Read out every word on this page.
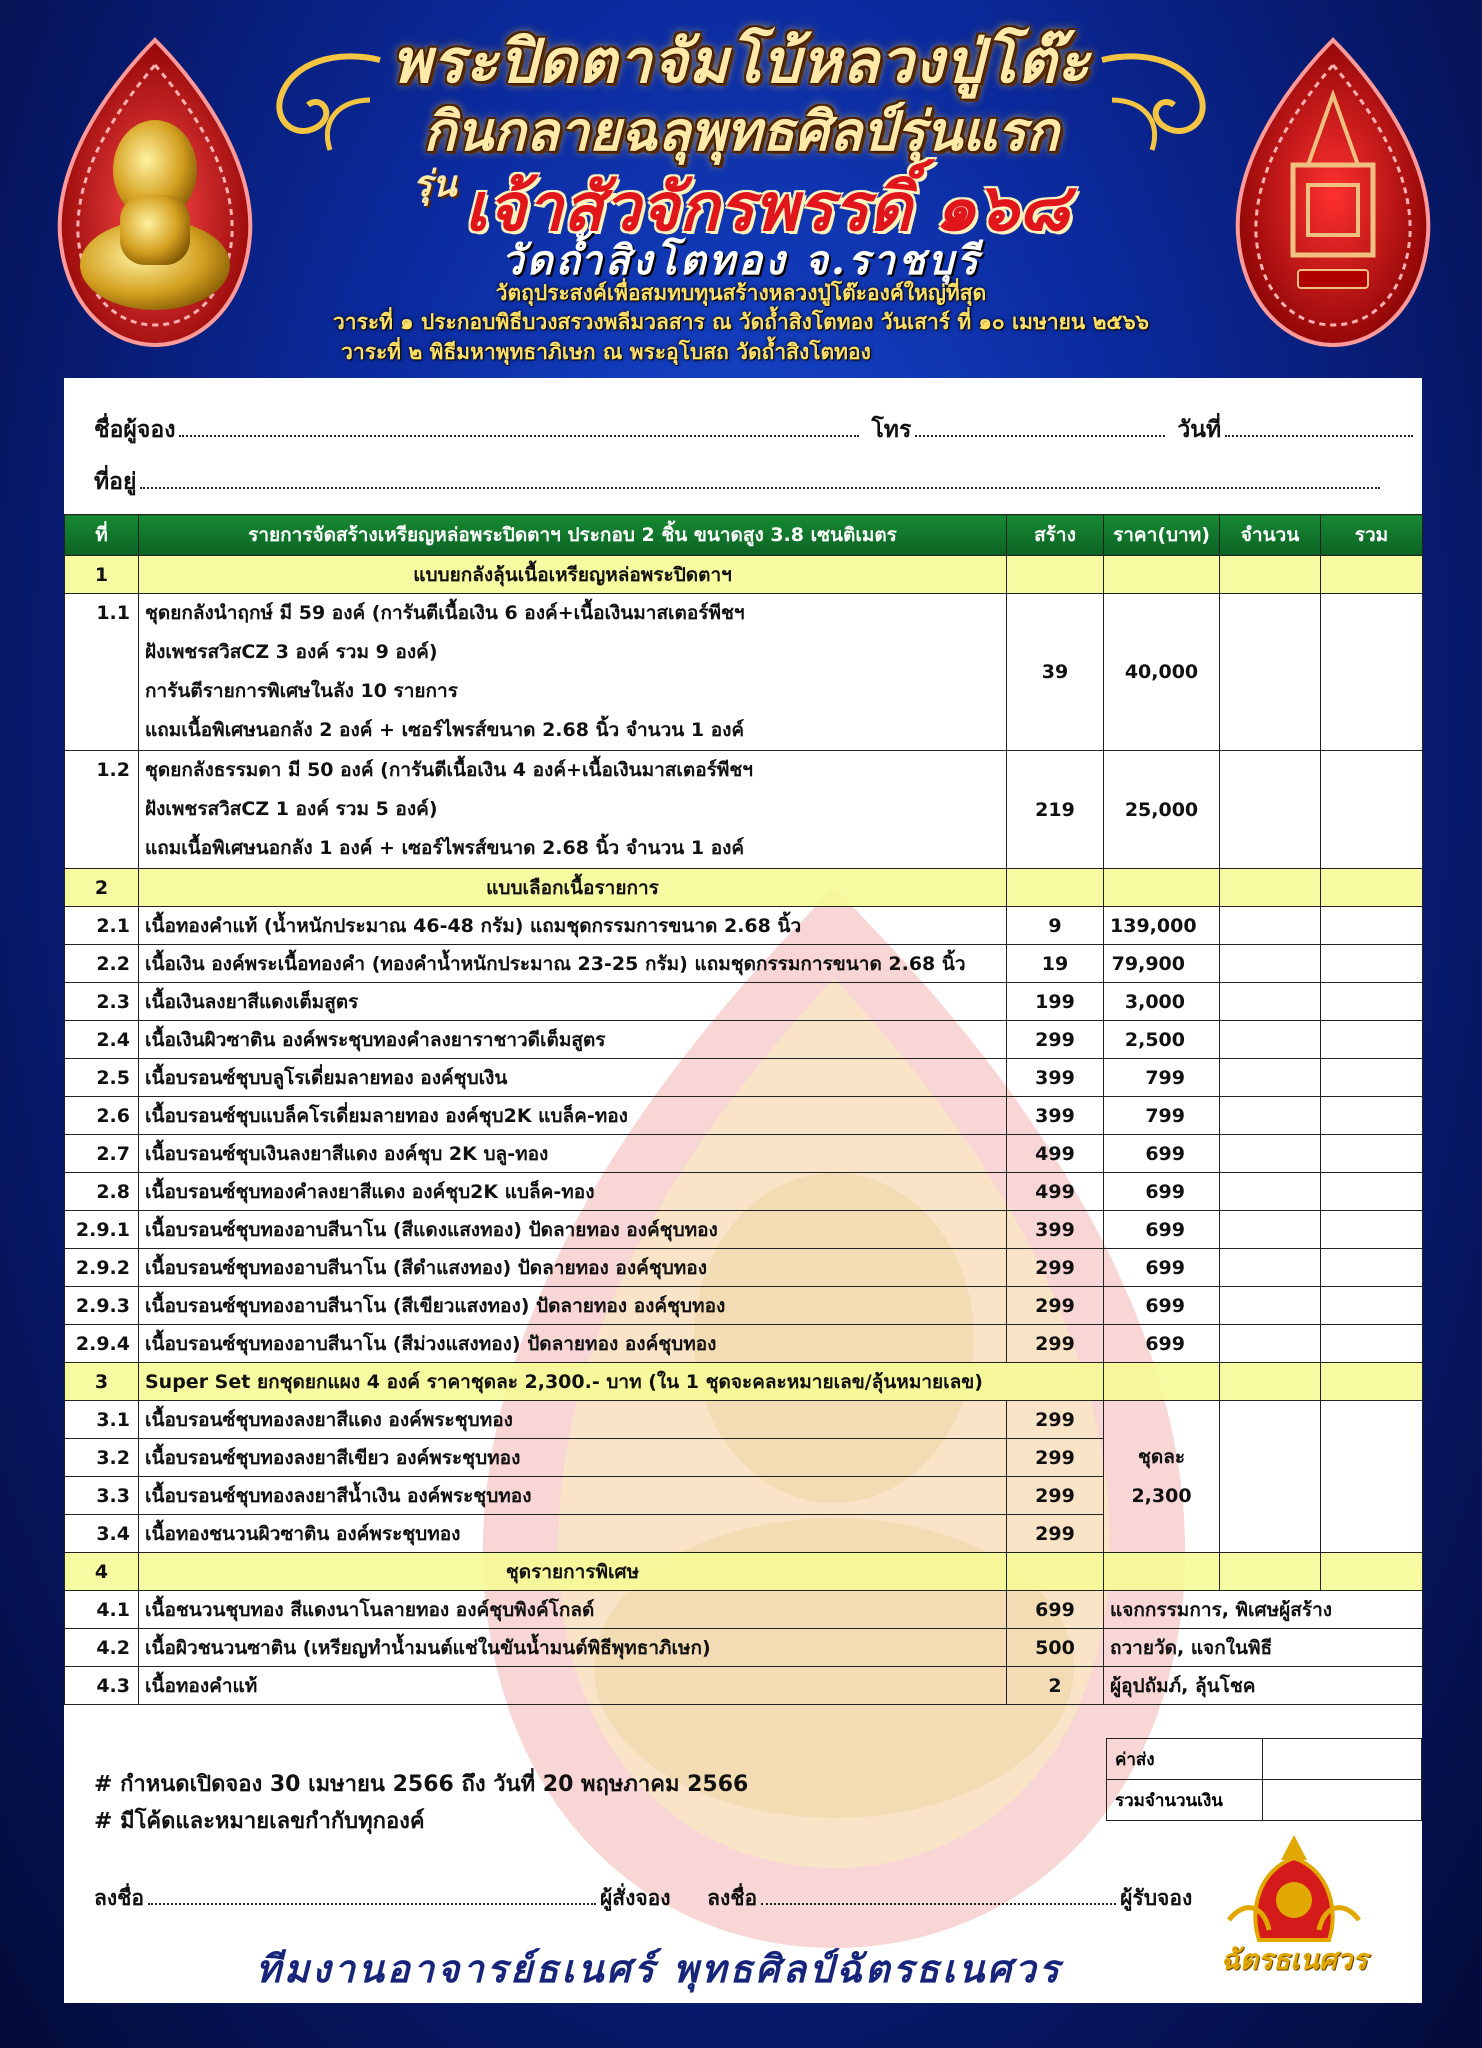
พระปิดตาจัมโบ้หลวงปู่โต๊ะ
กินกลายฉลุพุทธศิลป์รุ่นแรก
รุ่น เจ้าสัวจักรพรรดิ์ ๑๖๘
วัดถ้ำสิงโตทอง จ.ราชบุรี

วัตถุประสงค์เพื่อสมทบทุนสร้างหลวงปู่โต๊ะองค์ใหญ่ที่สุด

วาระที่ ๑ ประกอบพิธีบวงสรวงพลีมวลสาร ณ วัดถ้ำสิงโตทอง วันเสาร์ ที่ ๑๐ เมษายน ๒๕๖๖

วาระที่ ๒ พิธีมหาพุทธาภิเษก ณ พระอุโบสถ วัดถ้ำสิงโตทอง

ชื่อผู้จอง	โทร	วันที่
ที่อยู่
ที่	รายการจัดสร้างเหรียญหล่อพระปิดตาฯ ประกอบ 2 ชิ้น ขนาดสูง 3.8 เซนติเมตร	สร้าง	ราคา(บาท)	จำนวน	รวม
1	แบบยกลังลุ้นเนื้อเหรียญหล่อพระปิดตาฯ				

1.1	ชุดยกลังนำฤกษ์ มี 59 องค์ (การันตีเนื้อเงิน 6 องค์+เนื้อเงินมาสเตอร์พีชฯ
ฝังเพชรสวิสCZ 3 องค์ รวม 9 องค์)
การันตีรายการพิเศษในลัง 10 รายการ
แถมเนื้อพิเศษนอกลัง 2 องค์ + เซอร์ไพรส์ขนาด 2.68 นิ้ว จำนวน 1 องค์	39	40,000		

1.2	ชุดยกลังธรรมดา มี 50 องค์ (การันตีเนื้อเงิน 4 องค์+เนื้อเงินมาสเตอร์พีชฯ
ฝังเพชรสวิสCZ 1 องค์ รวม 5 องค์)
แถมเนื้อพิเศษนอกลัง 1 องค์ + เซอร์ไพรส์ขนาด 2.68 นิ้ว จำนวน 1 องค์	219	25,000		
2	แบบเลือกเนื้อรายการ				
2.1	เนื้อทองคำแท้ (น้ำหนักประมาณ 46-48 กรัม) แถมชุดกรรมการขนาด 2.68 นิ้ว	9	139,000		
2.2	เนื้อเงิน องค์พระเนื้อทองคำ (ทองคำน้ำหนักประมาณ 23-25 กรัม) แถมชุดกรรมการขนาด 2.68 นิ้ว	19	79,900		
2.3	เนื้อเงินลงยาสีแดงเต็มสูตร	199	3,000		
2.4	เนื้อเงินผิวซาติน องค์พระชุบทองคำลงยาราชาวดีเต็มสูตร	299	2,500		
2.5	เนื้อบรอนซ์ชุบบลูโรเดี่ยมลายทอง องค์ชุบเงิน	399	799		
2.6	เนื้อบรอนซ์ชุบแบล็คโรเดี่ยมลายทอง องค์ชุบ2K แบล็ค-ทอง	399	799		
2.7	เนื้อบรอนซ์ชุบเงินลงยาสีแดง องค์ชุบ 2K บลู-ทอง	499	699		
2.8	เนื้อบรอนซ์ชุบทองคำลงยาสีแดง องค์ชุบ2K แบล็ค-ทอง	499	699		
2.9.1	เนื้อบรอนซ์ชุบทองอาบสีนาโน (สีแดงแสงทอง) ปัดลายทอง องค์ชุบทอง	399	699		
2.9.2	เนื้อบรอนซ์ชุบทองอาบสีนาโน (สีดำแสงทอง) ปัดลายทอง องค์ชุบทอง	299	699		
2.9.3	เนื้อบรอนซ์ชุบทองอาบสีนาโน (สีเขียวแสงทอง) ปัดลายทอง องค์ชุบทอง	299	699		
2.9.4	เนื้อบรอนซ์ชุบทองอาบสีนาโน (สีม่วงแสงทอง) ปัดลายทอง องค์ชุบทอง	299	699		
3	Super Set ยกชุดยกแผง 4 องค์ ราคาชุดละ 2,300.- บาท (ใน 1 ชุดจะคละหมายเลข/ลุ้นหมายเลข)				
3.1	เนื้อบรอนซ์ชุบทองลงยาสีแดง องค์พระชุบทอง	299	ชุดละ
2,300		

3.2	เนื้อบรอนซ์ชุบทองลงยาสีเขียว องค์พระชุบทอง	299			
3.3	เนื้อบรอนซ์ชุบทองลงยาสีน้ำเงิน องค์พระชุบทอง	299			
3.4	เนื้อทองชนวนผิวซาติน องค์พระชุบทอง	299			
4	ชุดรายการพิเศษ				
4.1	เนื้อชนวนชุบทอง สีแดงนาโนลายทอง องค์ชุบพิงค์โกลด์	699	แจกกรรมการ, พิเศษผู้สร้าง		
4.2	เนื้อผิวชนวนซาติน (เหรียญทำน้ำมนต์แช่ในขันน้ำมนต์พิธีพุทธาภิเษก)	500	ถวายวัด, แจกในพิธี		
4.3	เนื้อทองคำแท้	2	ผู้อุปถัมภ์, ลุ้นโชค		
ค่าส่ง	
รวมจำนวนเงิน	
# กำหนดเปิดจอง 30 เมษายน 2566 ถึง วันที่ 20 พฤษภาคม 2566
# มีโค้ดและหมายเลขกำกับทุกองค์
ลงชื่อ	ผู้สั่งจอง ลงชื่อ	ผู้รับจอง
ทีมงานอาจารย์ธเนศร์ พุทธศิลป์ฉัตรธเนศวร	ฉัตรธเนศวร
